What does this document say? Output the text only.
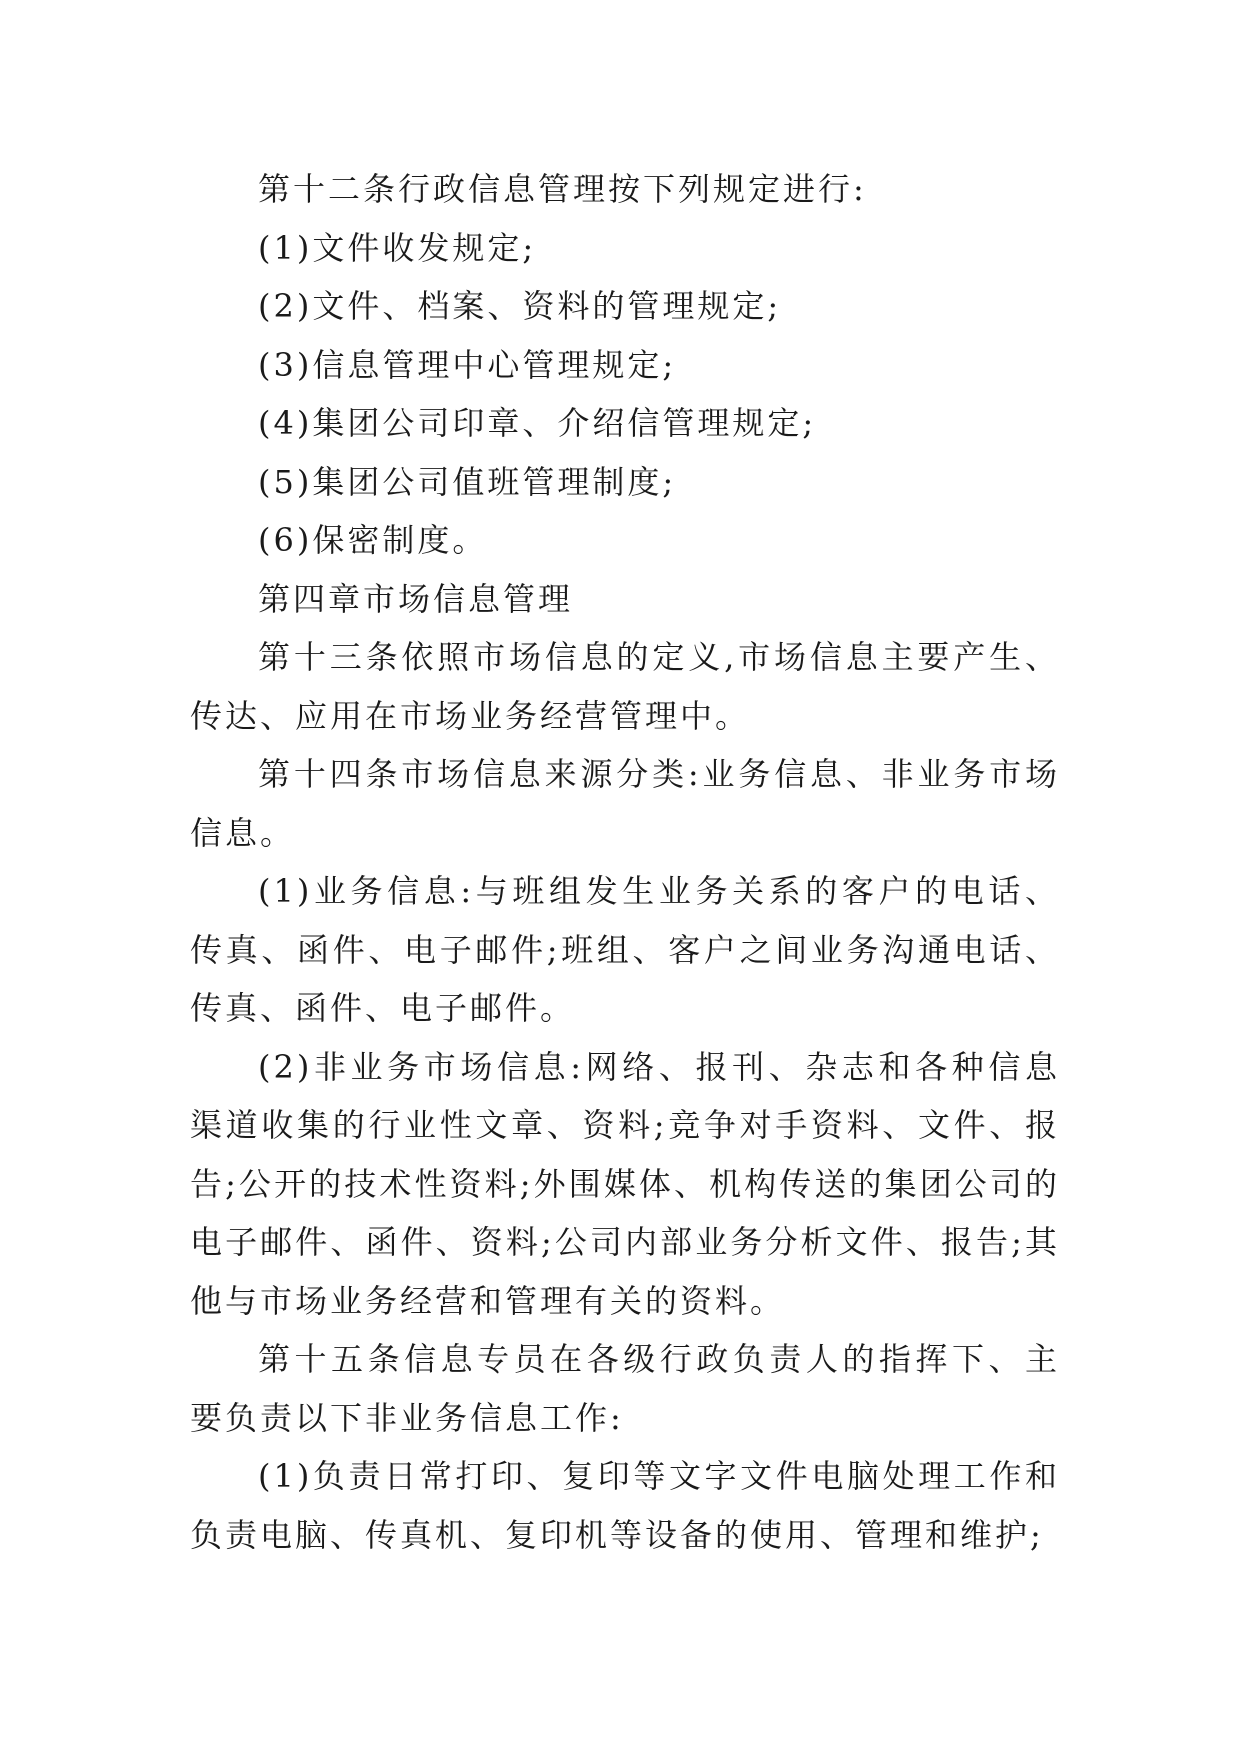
第十二条行政信息管理按下列规定进行:

(1)文件收发规定;

(2)文件、档案、资料的管理规定;

(3)信息管理中心管理规定;

(4)集团公司印章、介绍信管理规定;

(5)集团公司值班管理制度;

(6)保密制度。

第四章市场信息管理

第十三条依照市场信息的定义,市场信息主要产生、传达、应用在市场业务经营管理中。

第十四条市场信息来源分类:业务信息、非业务市场信息。

(1)业务信息:与班组发生业务关系的客户的电话、传真、函件、电子邮件;班组、客户之间业务沟通电话、传真、函件、电子邮件。

(2)非业务市场信息:网络、报刊、杂志和各种信息渠道收集的行业性文章、资料;竞争对手资料、文件、报告;公开的技术性资料;外围媒体、机构传送的集团公司的电子邮件、函件、资料;公司内部业务分析文件、报告;其他与市场业务经营和管理有关的资料。

第十五条信息专员在各级行政负责人的指挥下、主要负责以下非业务信息工作:

(1)负责日常打印、复印等文字文件电脑处理工作和负责电脑、传真机、复印机等设备的使用、管理和维护;
